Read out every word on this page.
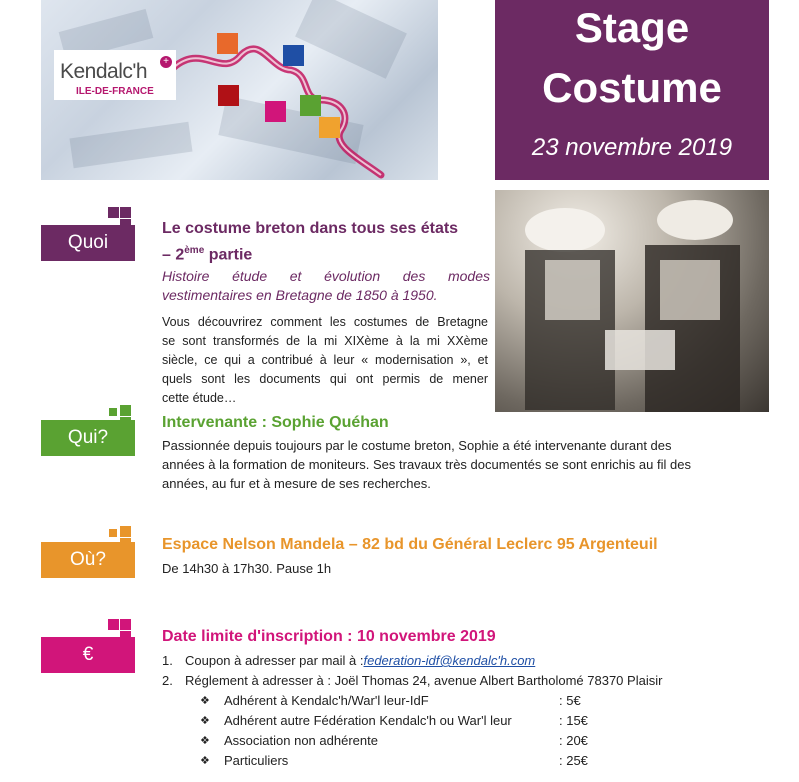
Kendalc'h	+
ILE-DE-FRANCE
Stage
Costume
23 novembre 2019
Quoi
Le costume breton dans tous ses états
– 2ème partie
Histoire étude et évolution des modes
vestimentaires en Bretagne de 1850 à 1950.
Vous découvrirez comment les costumes de Bretagne
se sont transformés de la mi XIXème à la mi XXème
siècle, ce qui a contribué à leur « modernisation », et
quels sont les documents qui ont permis de mener
cette étude…
Qui?
Intervenante : Sophie Quéhan
Passionnée depuis toujours par le costume breton, Sophie a été intervenante durant des
années à la formation de moniteurs. Ses travaux très documentés se sont enrichis au fil des
années, au fur et à mesure de ses recherches.
Où?
Espace Nelson Mandela – 82 bd du Général Leclerc 95 Argenteuil
De 14h30 à 17h30. Pause 1h
€
Date limite d'inscription : 10 novembre 2019
1. Coupon à adresser par mail à :federation-idf@kendalc'h.com
2. Réglement à adresser à : Joël Thomas 24, avenue Albert Bartholomé 78370 Plaisir
❖ Adhérent à Kendalc'h/War'l leur-IdF	: 5€
❖ Adhérent autre Fédération Kendalc'h ou War'l leur	: 15€
❖ Association non adhérente	: 20€
❖ Particuliers	: 25€
